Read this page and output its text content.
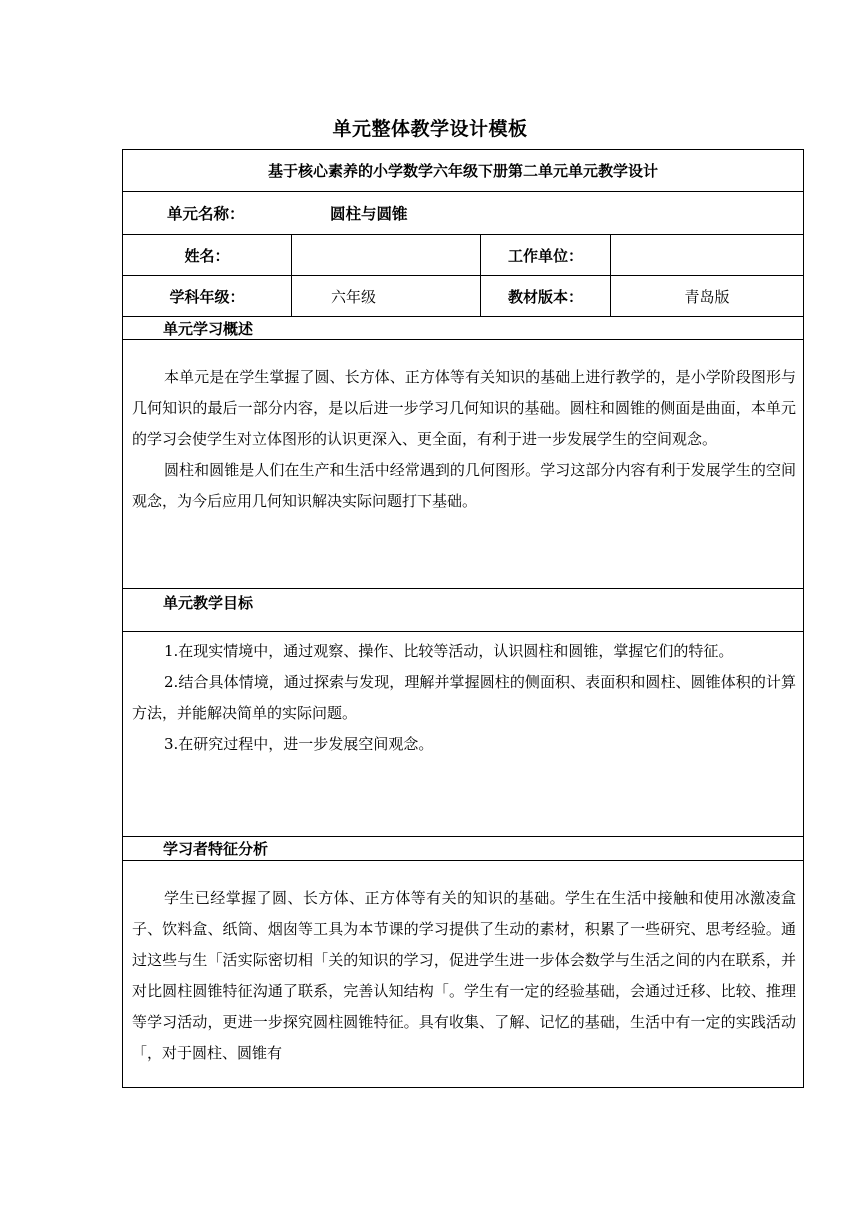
单元整体教学设计模板
基于核心素养的小学数学六年级下册第二单元单元教学设计			
单元名称： 圆柱与圆锥			
姓名：		工作单位：	
学科年级：	六年级	教材版本：	青岛版
单元学习概述			

本单元是在学生掌握了圆、长方体、正方体等有关知识的基础上进行教学的，是小学阶段图形与几何知识的最后一部分内容，是以后进一步学习几何知识的基础。圆柱和圆锥的侧面是曲面，本单元的学习会使学生对立体图形的认识更深入、更全面，有利于进一步发展学生的空间观念。

圆柱和圆锥是人们在生产和生活中经常遇到的几何图形。学习这部分内容有利于发展学生的空间观念，为今后应用几何知识解决实际问题打下基础。			

单元教学目标			

1.在现实情境中，通过观察、操作、比较等活动，认识圆柱和圆锥，掌握它们的特征。

2.结合具体情境，通过探索与发现，理解并掌握圆柱的侧面积、表面积和圆柱、圆锥体积的计算方法，并能解决简单的实际问题。

3.在研究过程中，进一步发展空间观念。			

学习者特征分析			

学生已经掌握了圆、长方体、正方体等有关的知识的基础。学生在生活中接触和使用冰激凌盒子、饮料盒、纸筒、烟囱等工具为本节课的学习提供了生动的素材，积累了一些研究、思考经验。通过这些与生「活实际密切相「关的知识的学习，促进学生进一步体会数学与生活之间的内在联系，并对比圆柱圆锥特征沟通了联系，完善认知结构「。学生有一定的经验基础，会通过迁移、比较、推理等学习活动，更进一步探究圆柱圆锥特征。具有收集、了解、记忆的基础，生活中有一定的实践活动「，对于圆柱、圆锥有			
